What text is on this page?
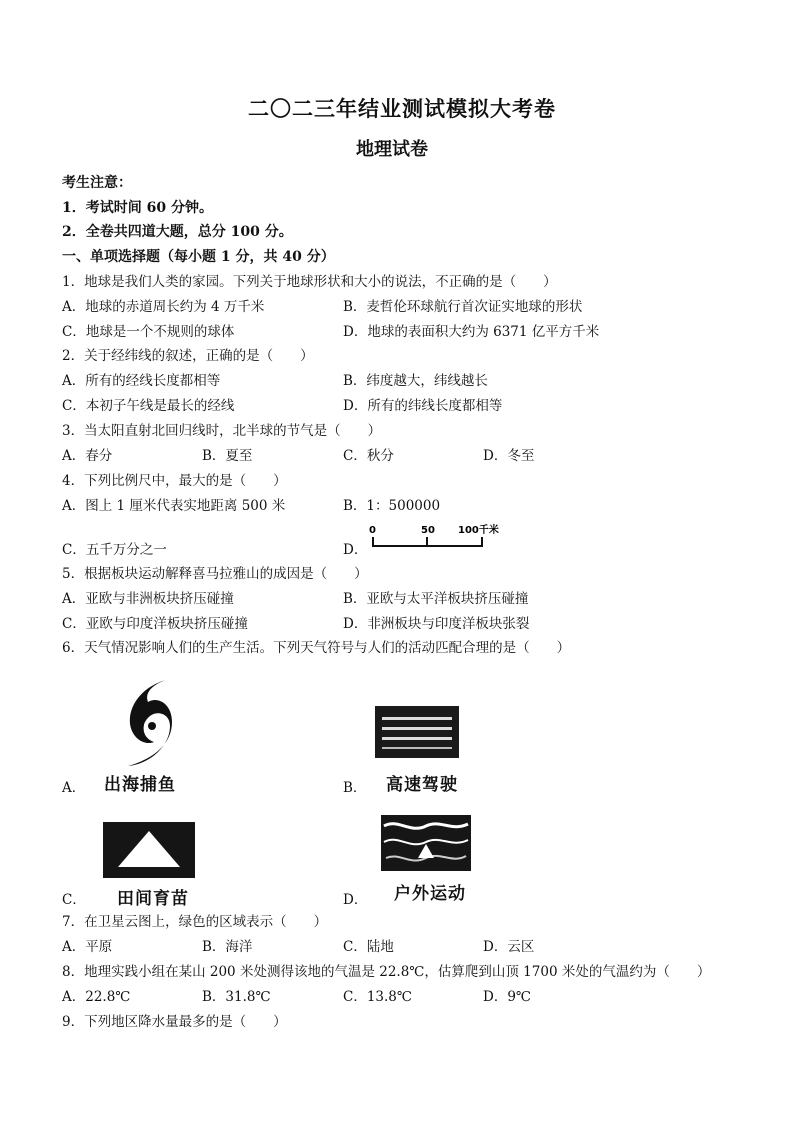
二〇二三年结业测试模拟大考卷
地理试卷
考生注意：
1．考试时间 60 分钟。
2．全卷共四道大题，总分 100 分。
一、单项选择题（每小题 1 分，共 40 分）
1．地球是我们人类的家园。下列关于地球形状和大小的说法，不正确的是（　　）
A．地球的赤道周长约为 4 万千米	B．麦哲伦环球航行首次证实地球的形状
C．地球是一个不规则的球体	D．地球的表面积大约为 6371 亿平方千米
2．关于经纬线的叙述，正确的是（　　）
A．所有的经线长度都相等	B．纬度越大，纬线越长
C．本初子午线是最长的经线	D．所有的纬线长度都相等
3．当太阳直射北回归线时，北半球的节气是（　　）
A．春分	B．夏至	C．秋分	D．冬至
4．下列比例尺中，最大的是（　　）
A．图上 1 厘米代表实地距离 500 米	B．1：500000
C．五千万分之一	D．
0	50 100千米
5．根据板块运动解释喜马拉雅山的成因是（　　）
A．亚欧与非洲板块挤压碰撞	B．亚欧与太平洋板块挤压碰撞
C．亚欧与印度洋板块挤压碰撞	D．非洲板块与印度洋板块张裂
6．天气情况影响人们的生产生活。下列天气符号与人们的活动匹配合理的是（　　）
A． 出海捕鱼	B． 高速驾驶
C． 田间育苗	D． 户外运动
7．在卫星云图上，绿色的区域表示（　　）
A．平原	B．海洋	C．陆地	D．云区
8．地理实践小组在某山 200 米处测得该地的气温是 22.8℃，估算爬到山顶 1700 米处的气温约为（　　）
A．22.8℃	B．31.8℃	C．13.8℃	D．9℃
9．下列地区降水量最多的是（　　）
